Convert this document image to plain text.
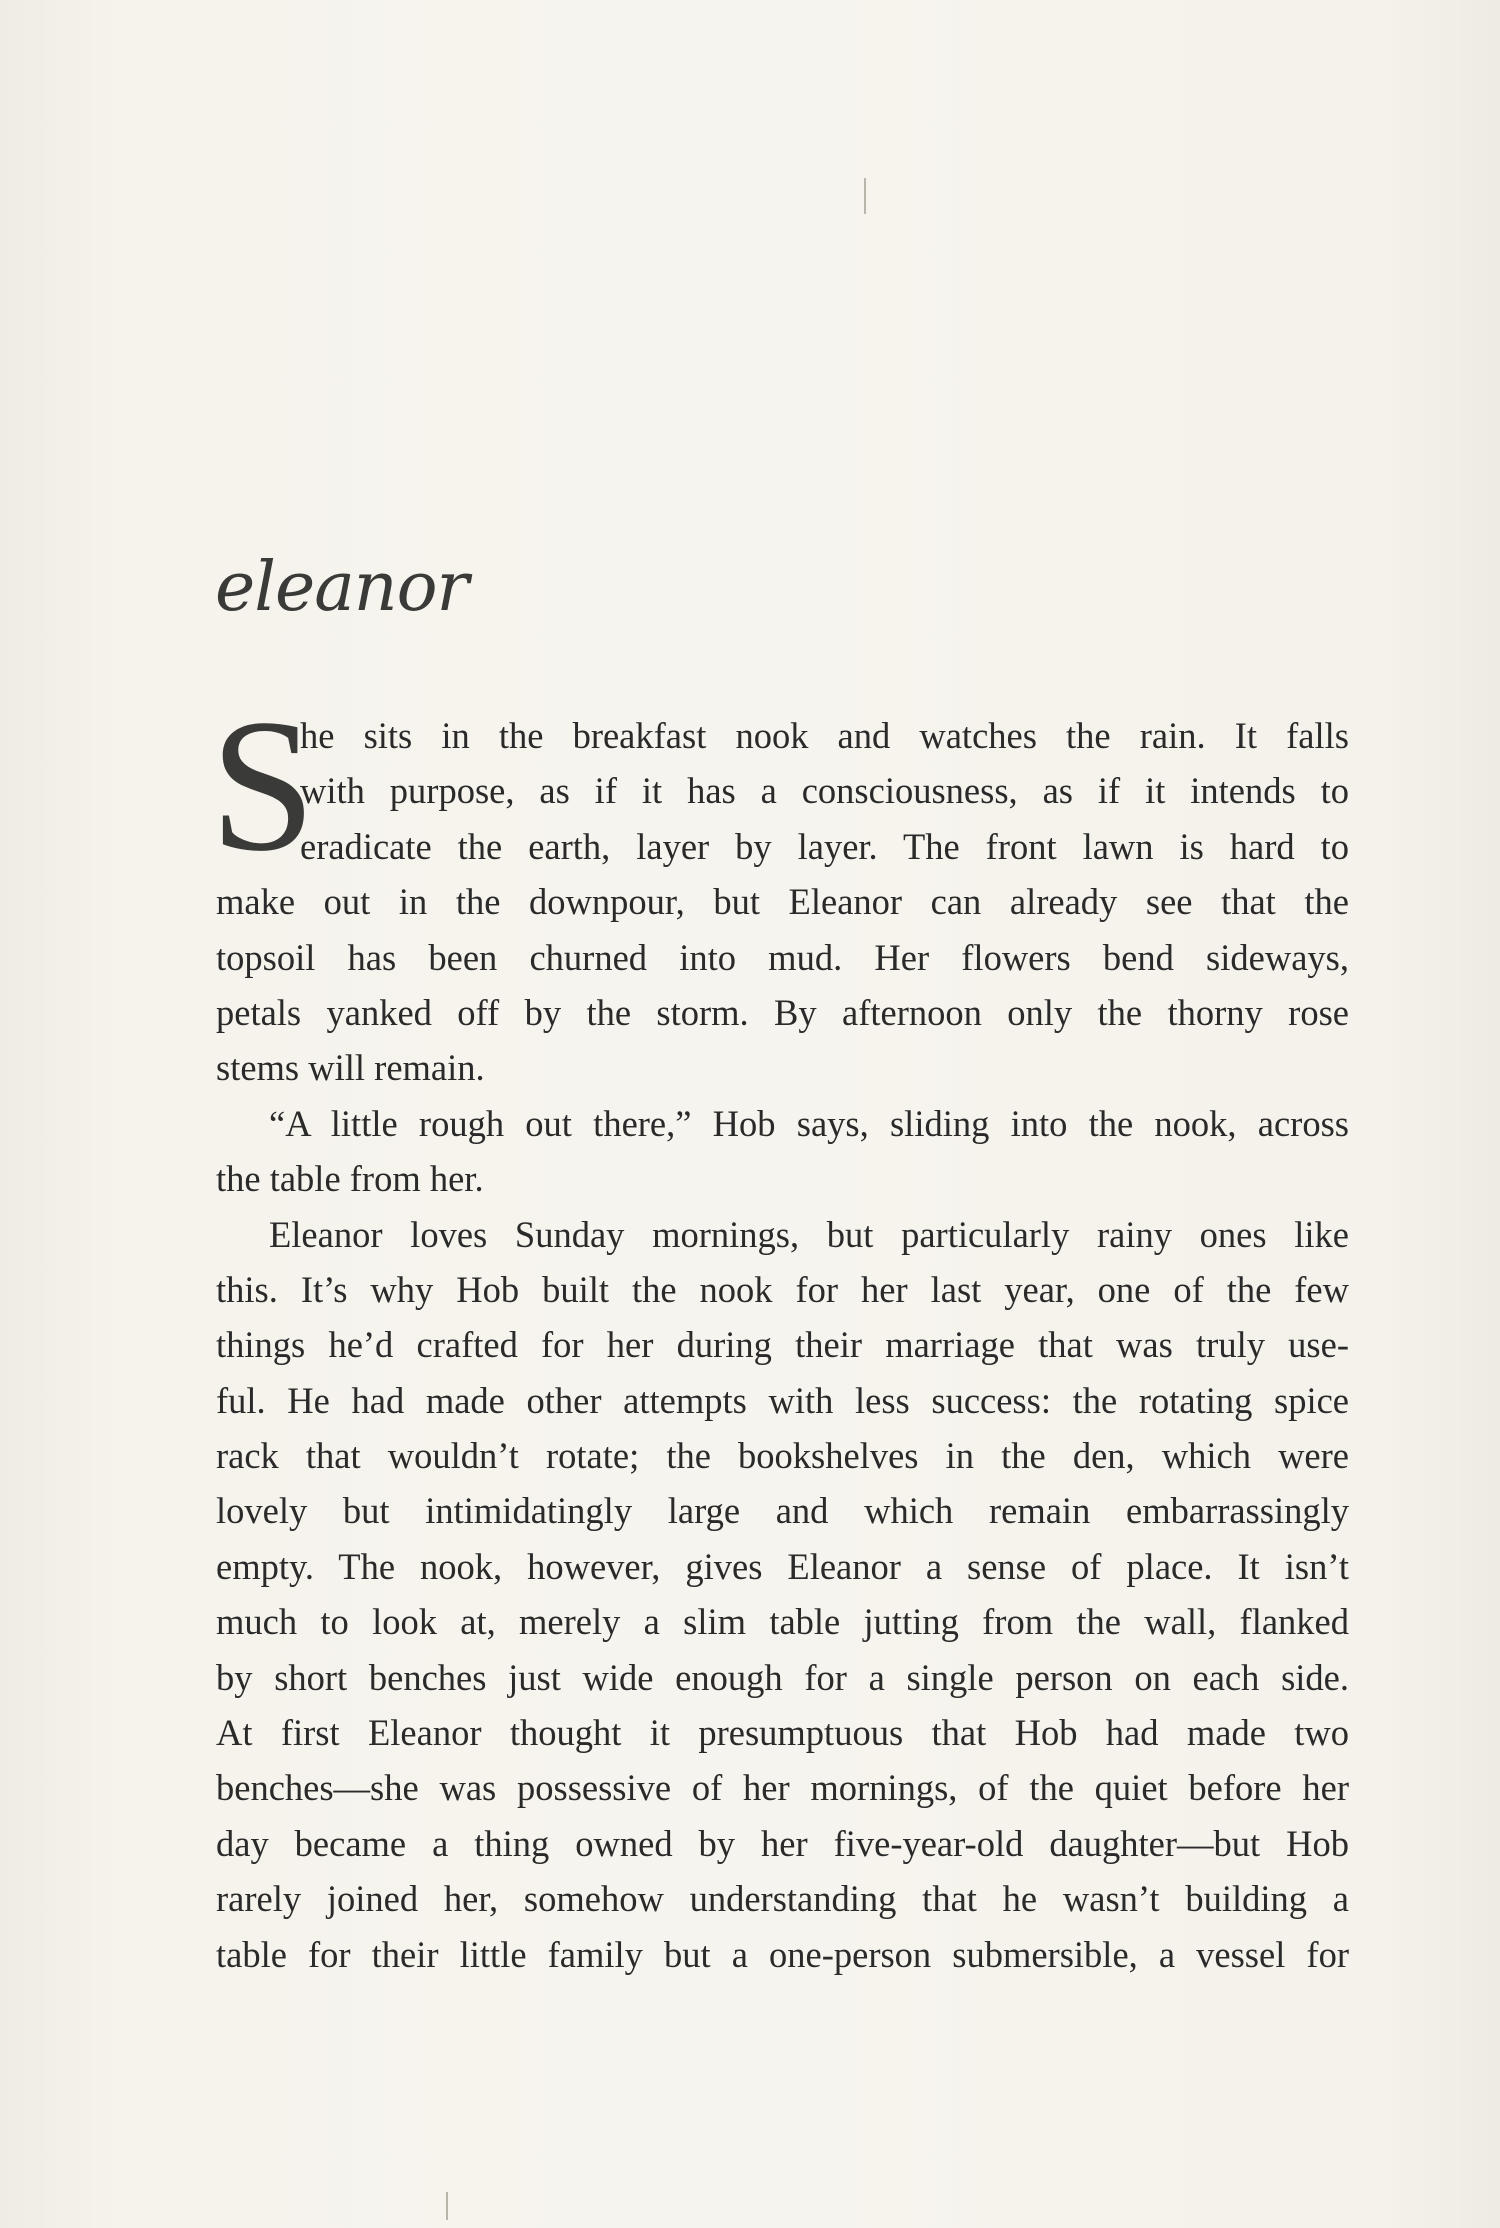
eleanor
S
he sits in the breakfast nook and watches the rain. It falls
with purpose, as if it has a consciousness, as if it intends to
eradicate the earth, layer by layer. The front lawn is hard to
make out in the downpour, but Eleanor can already see that the
topsoil has been churned into mud. Her flowers bend sideways,
petals yanked off by the storm. By afternoon only the thorny rose
stems will remain.
“A little rough out there,” Hob says, sliding into the nook, across
the table from her.
Eleanor loves Sunday mornings, but particularly rainy ones like
this. It’s why Hob built the nook for her last year, one of the few
things he’d crafted for her during their marriage that was truly use-
ful. He had made other attempts with less success: the rotating spice
rack that wouldn’t rotate; the bookshelves in the den, which were
lovely but intimidatingly large and which remain embarrassingly
empty. The nook, however, gives Eleanor a sense of place. It isn’t
much to look at, merely a slim table jutting from the wall, flanked
by short benches just wide enough for a single person on each side.
At first Eleanor thought it presumptuous that Hob had made two
benches—she was possessive of her mornings, of the quiet before her
day became a thing owned by her five-year-old daughter—but Hob
rarely joined her, somehow understanding that he wasn’t building a
table for their little family but a one-person submersible, a vessel for
